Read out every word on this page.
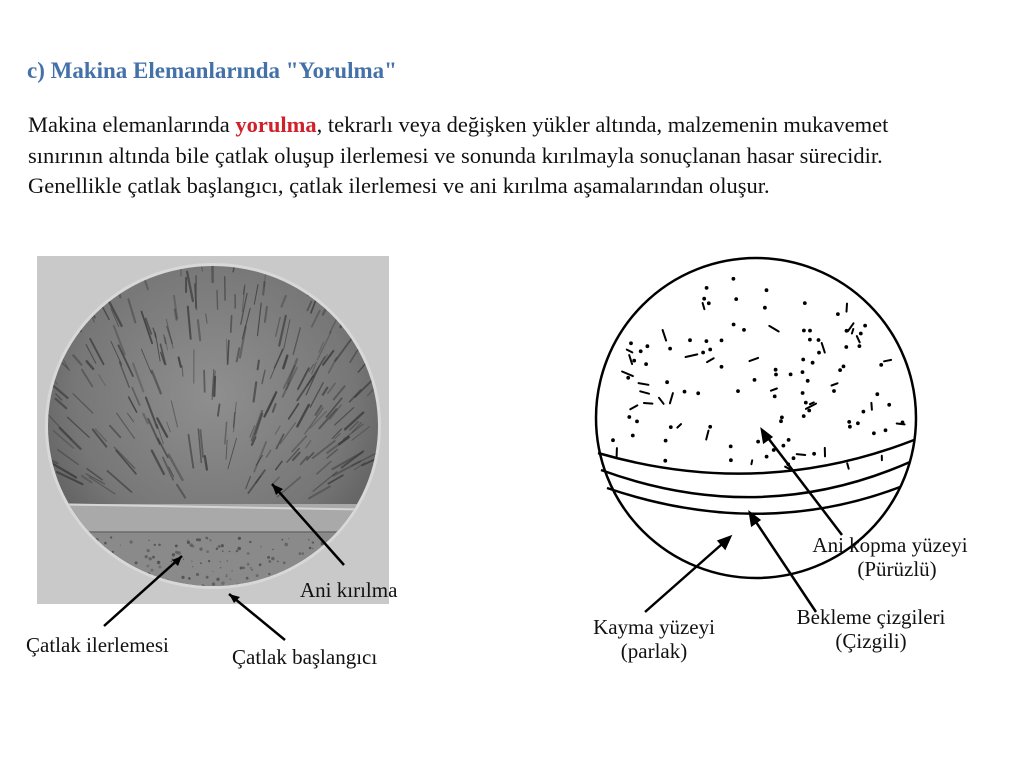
c) Makina Elemanlarında "Yorulma"
Makina elemanlarında yorulma, tekrarlı veya değişken yükler altında, malzemenin mukavemet sınırının altında bile çatlak oluşup ilerlemesi ve sonunda kırılmayla sonuçlanan hasar sürecidir. Genellikle çatlak başlangıcı, çatlak ilerlemesi ve ani kırılma aşamalarından oluşur.
Ani kırılma
Çatlak ilerlemesi	Çatlak başlangıcı
Ani kopma yüzeyi
(Pürüzlü)
Kayma yüzeyi
(parlak)
Bekleme çizgileri
(Çizgili)
